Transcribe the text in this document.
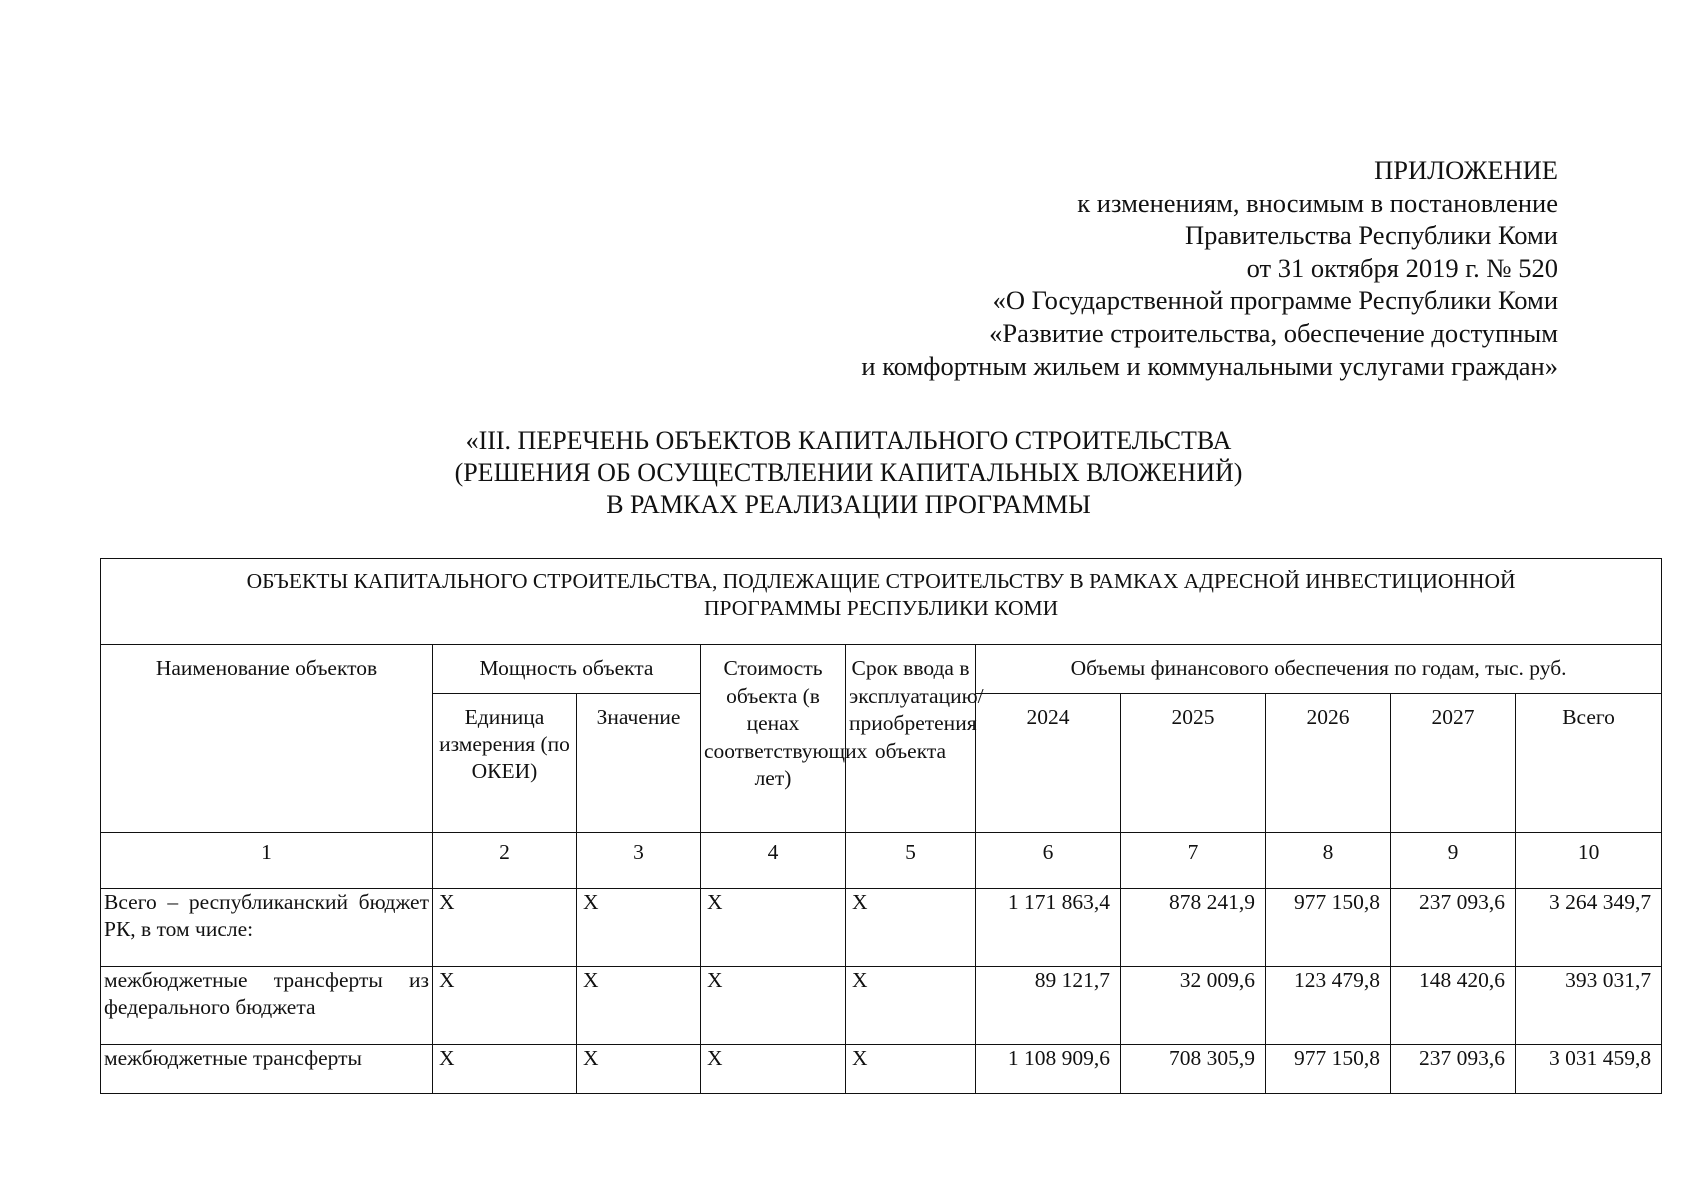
ПРИЛОЖЕНИЕ
к изменениям, вносимым в постановление
Правительства Республики Коми
от 31 октября 2019 г. № 520
«О Государственной программе Республики Коми
«Развитие строительства, обеспечение доступным
и комфортным жильем и коммунальными услугами граждан»
«III. ПЕРЕЧЕНЬ ОБЪЕКТОВ КАПИТАЛЬНОГО СТРОИТЕЛЬСТВА
(РЕШЕНИЯ ОБ ОСУЩЕСТВЛЕНИИ КАПИТАЛЬНЫХ ВЛОЖЕНИЙ)
В РАМКАХ РЕАЛИЗАЦИИ ПРОГРАММЫ
ОБЪЕКТЫ КАПИТАЛЬНОГО СТРОИТЕЛЬСТВА, ПОДЛЕЖАЩИЕ СТРОИТЕЛЬСТВУ В РАМКАХ АДРЕСНОЙ ИНВЕСТИЦИОННОЙ
ПРОГРАММЫ РЕСПУБЛИКИ КОМИ									

Наименование объектов	Мощность объекта		Стоимость объекта (в ценах соответствующих лет)	Срок ввода в эксплуатацию/приобретения объекта	Объемы финансового обеспечения по годам, тыс. руб.				
	Единица измерения (по ОКЕИ)	Значение			2024	2025	2026	2027	Всего
1	2	3	4	5	6	7	8	9	10
Всего – республиканский бюджет РК, в том числе:	X	X	X	X	1 171 863,4	878 241,9	977 150,8	237 093,6	3 264 349,7
межбюджетные трансферты из федерального бюджета	X	X	X	X	89 121,7	32 009,6	123 479,8	148 420,6	393 031,7
межбюджетные трансферты	X	X	X	X	1 108 909,6	708 305,9	977 150,8	237 093,6	3 031 459,8
